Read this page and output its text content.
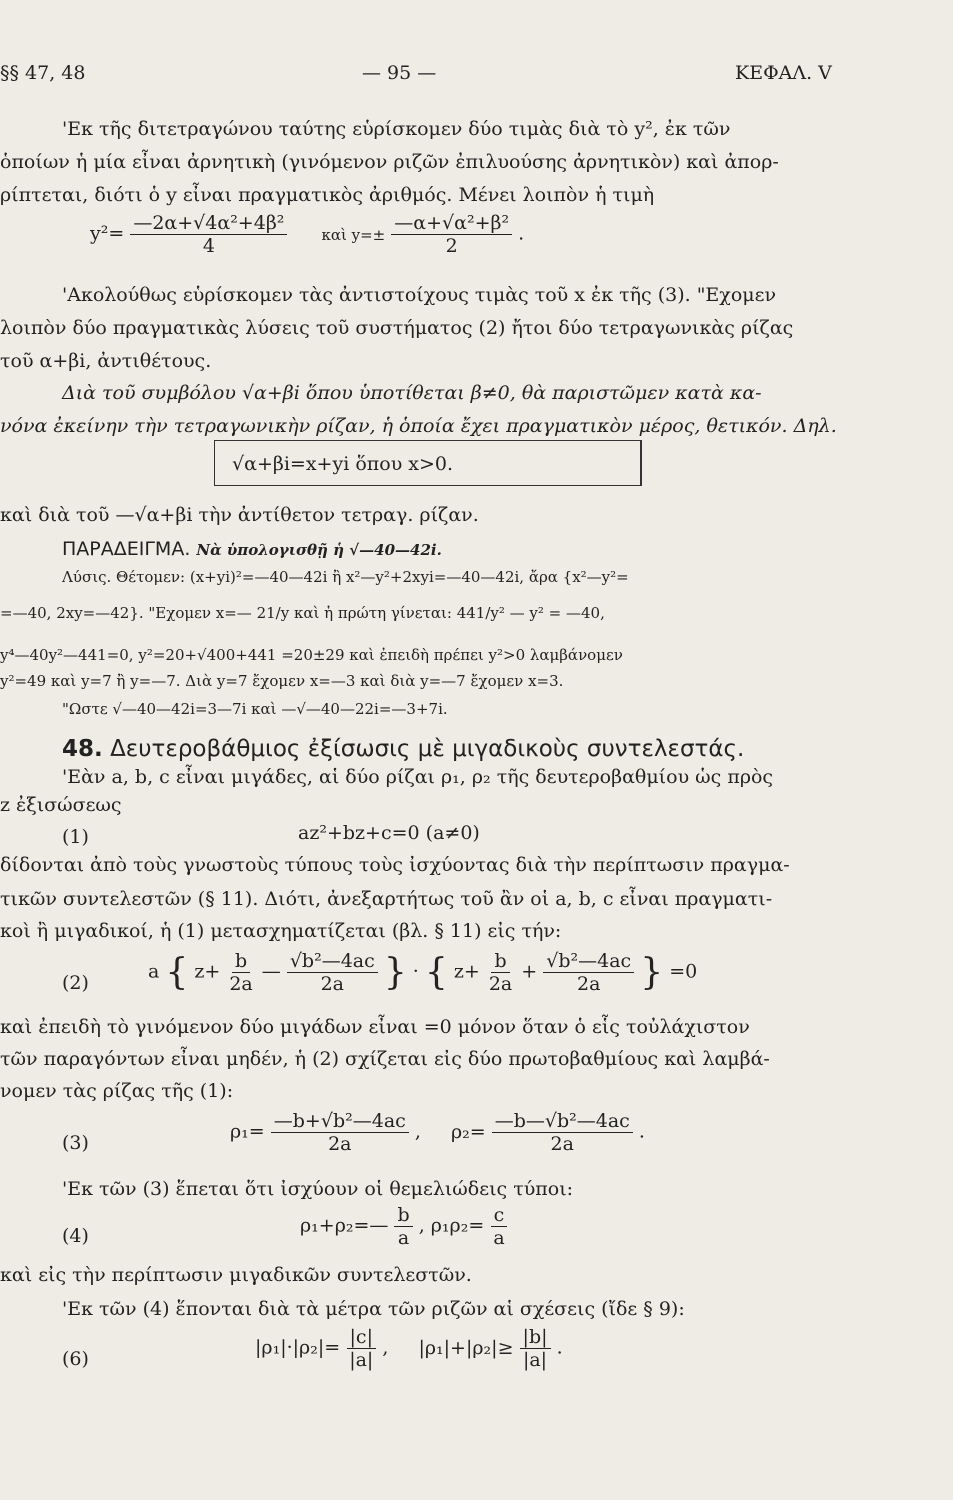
§§ 47, 48	— 95 —	ΚΕΦΑΛ. V
'Εκ τῆς διτετραγώνου ταύτης εὑρίσκομεν δύο τιμὰς διὰ τὸ y², ἐκ τῶν
ὁποίων ἡ μία εἶναι ἀρνητικὴ (γινόμενον ριζῶν ἐπιλυούσης ἀρνητικὸν) καὶ ἀπορ-
ρίπτεται, διότι ὁ y εἶναι πραγματικὸς ἀριθμός. Μένει λοιπὸν ἡ τιμὴ
$y^2= \frac{\text{—2α+√4α²+4β²}}{4}$ καὶ $y=\pm \frac{\text{—α+√α²+β²}}{2}$ .
'Ακολούθως εὑρίσκομεν τὰς ἀντιστοίχους τιμὰς τοῦ x ἐκ τῆς (3). "Εχομεν
λοιπὸν δύο πραγματικὰς λύσεις τοῦ συστήματος (2) ἤτοι δύο τετραγωνικὰς ρίζας
τοῦ α+βi, ἀντιθέτους.
Διὰ τοῦ συμβόλου √α+βi ὅπου ὑποτίθεται β≠0, θὰ παριστῶμεν κατὰ κα-
νόνα ἐκείνην τὴν τετραγωνικὴν ρίζαν, ἡ ὁποία ἔχει πραγματικὸν μέρος, θετικόν. Δηλ.
√α+βi=x+yi ὅπου x>0.
καὶ διὰ τοῦ —√α+βi τὴν ἀντίθετον τετραγ. ρίζαν.
ΠΑΡΑΔΕΙΓΜΑ. Νὰ ὑπολογισθῇ ἡ √—40—42i.
Λύσις. Θέτομεν: (x+yi)²=—40—42i ἢ x²—y²+2xyi=—40—42i, ἄρα {x²—y²=
=—40, 2xy=—42}. "Εχομεν x=— 21/y καὶ ἡ πρώτη γίνεται: 441/y² — y² = —40,
y⁴—40y²—441=0, y²=20+√400+441 =20±29 καὶ ἐπειδὴ πρέπει y²>0 λαμβάνομεν
y²=49 καὶ y=7 ἢ y=—7. Διὰ y=7 ἔχομεν x=—3 καὶ διὰ y=—7 ἔχομεν x=3.
"Ωστε √—40—42i=3—7i καὶ —√—40—22i=—3+7i.
48. Δευτεροβάθμιος ἐξίσωσις μὲ μιγαδικοὺς συντελεστάς.
'Εὰν a, b, c εἶναι μιγάδες, αἱ δύο ρίζαι ρ₁, ρ₂ τῆς δευτεροβαθμίου ὡς πρὸς
z ἐξισώσεως
(1)	az²+bz+c=0 (a≠0)
δίδονται ἀπὸ τοὺς γνωστοὺς τύπους τοὺς ἰσχύοντας διὰ τὴν περίπτωσιν πραγμα-
τικῶν συντελεστῶν (§ 11). Διότι, ἀνεξαρτήτως τοῦ ἂν οἱ a, b, c εἶναι πραγματι-
κοὶ ἢ μιγαδικοί, ἡ (1) μετασχηματίζεται (βλ. § 11) εἰς τήν:
(2)
a { $z+ \frac{b}{2a}$ — $\frac{\text{√b²—4ac}}{2a}$ } · { $z+ \frac{b}{2a} + \frac{\text{√b²—4ac}}{2a}$ } =0
καὶ ἐπειδὴ τὸ γινόμενον δύο μιγάδων εἶναι =0 μόνον ὅταν ὁ εἷς τοὐλάχιστον
τῶν παραγόντων εἶναι μηδέν, ἡ (2) σχίζεται εἰς δύο πρωτοβαθμίους καὶ λαμβά-
νομεν τὰς ρίζας τῆς (1):
(3)
$\rho_1= \frac{\text{—b+√b²—4ac}}{2a}$ , $\rho_2= \frac{\text{—b—√b²—4ac}}{2a}$ .
'Εκ τῶν (3) ἕπεται ὅτι ἰσχύουν οἱ θεμελιώδεις τύποι:
(4)	ρ₁+ρ₂=— $\frac{b}{a}$ , $\rho_1\rho_2= \frac{c}{a}$
καὶ εἰς τὴν περίπτωσιν μιγαδικῶν συντελεστῶν.
'Εκ τῶν (4) ἕπονται διὰ τὰ μέτρα τῶν ριζῶν αἱ σχέσεις (ἴδε § 9):
(6)
$|\rho_1|\cdot|\rho_2|= \frac{|c|}{|a|}$ , $|\rho_1|+|\rho_2|\ge \frac{|b|}{|a|}$ .
